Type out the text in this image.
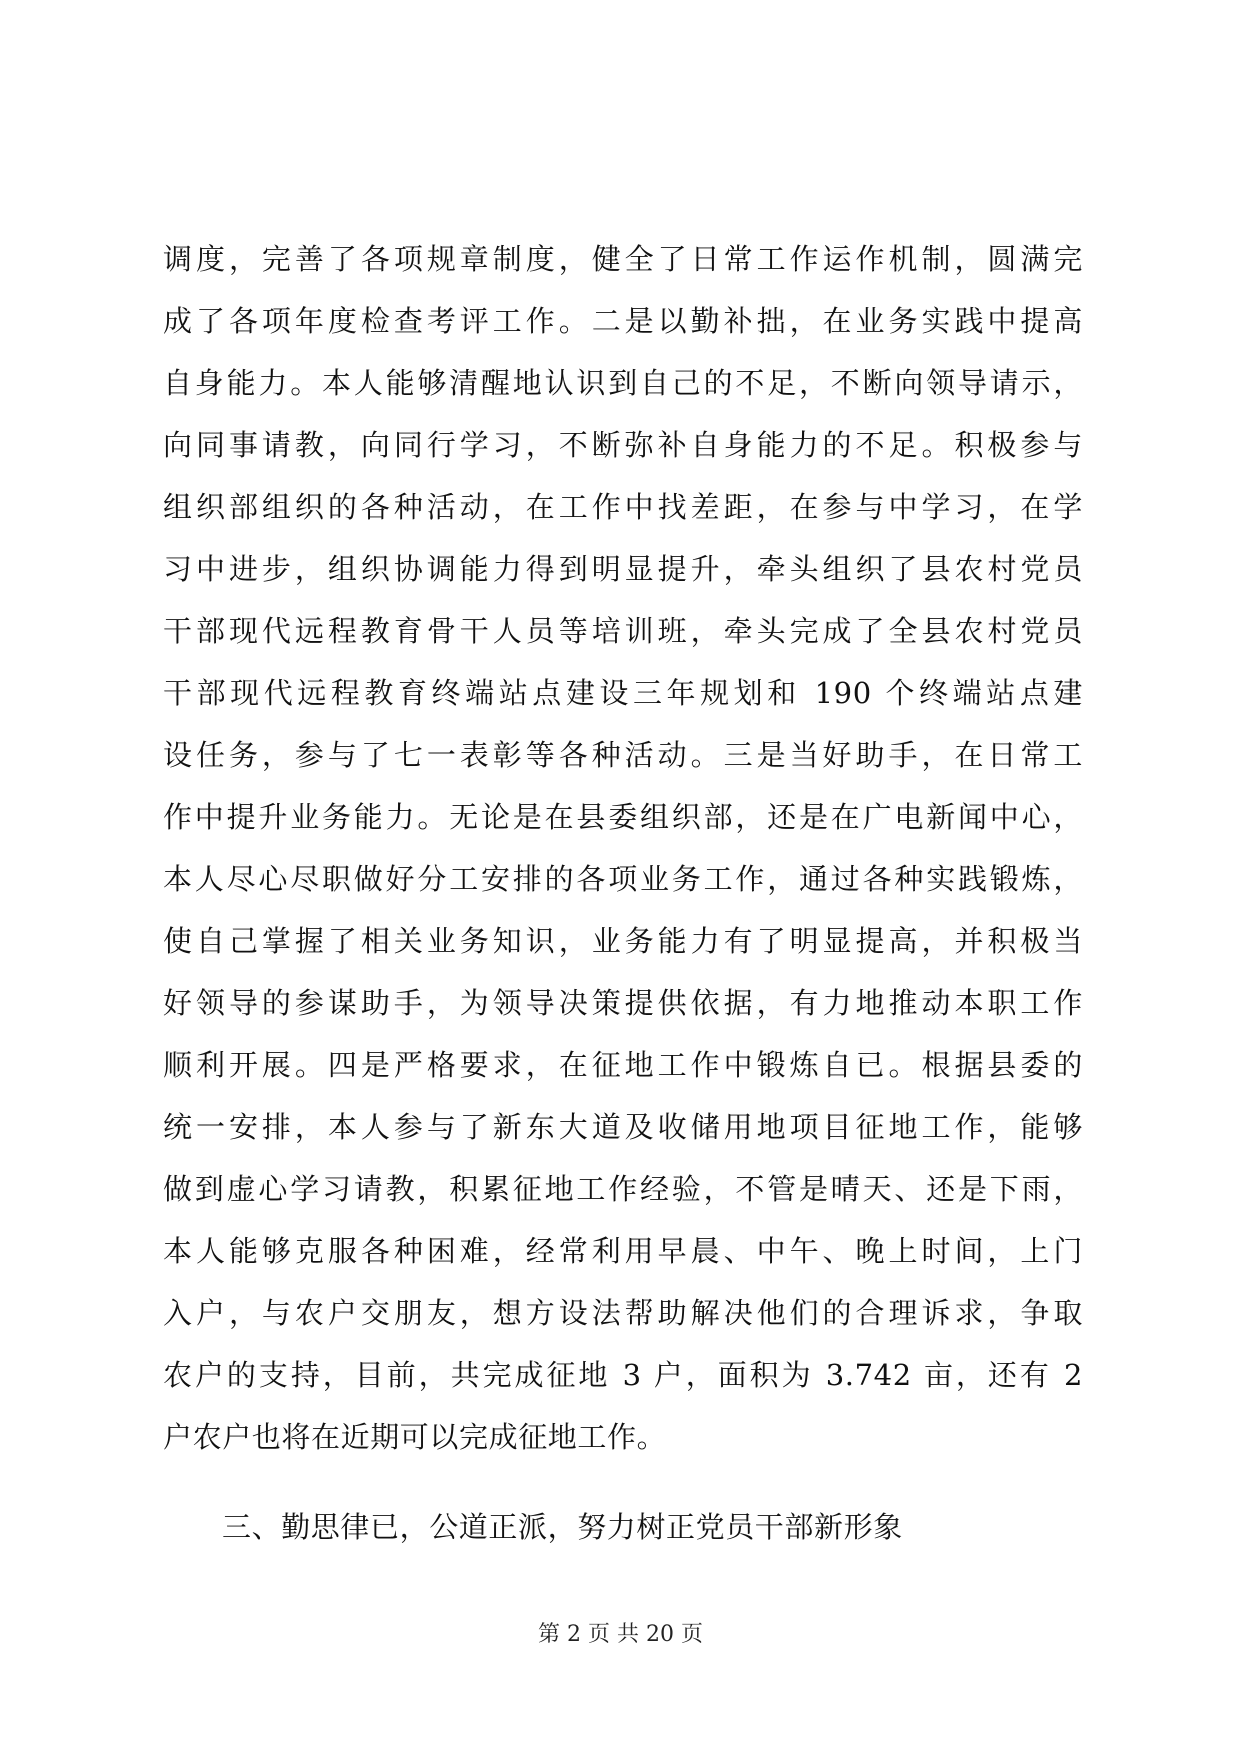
调度，完善了各项规章制度，健全了日常工作运作机制，圆满完
成了各项年度检查考评工作。二是以勤补拙，在业务实践中提高
自身能力。本人能够清醒地认识到自己的不足，不断向领导请示，
向同事请教，向同行学习，不断弥补自身能力的不足。积极参与
组织部组织的各种活动，在工作中找差距，在参与中学习，在学
习中进步，组织协调能力得到明显提升，牵头组织了县农村党员
干部现代远程教育骨干人员等培训班，牵头完成了全县农村党员
干部现代远程教育终端站点建设三年规划和 190 个终端站点建
设任务，参与了七一表彰等各种活动。三是当好助手，在日常工
作中提升业务能力。无论是在县委组织部，还是在广电新闻中心，
本人尽心尽职做好分工安排的各项业务工作，通过各种实践锻炼，
使自己掌握了相关业务知识，业务能力有了明显提高，并积极当
好领导的参谋助手，为领导决策提供依据，有力地推动本职工作
顺利开展。四是严格要求，在征地工作中锻炼自已。根据县委的
统一安排，本人参与了新东大道及收储用地项目征地工作，能够
做到虚心学习请教，积累征地工作经验，不管是晴天、还是下雨，
本人能够克服各种困难，经常利用早晨、中午、晚上时间，上门
入户，与农户交朋友，想方设法帮助解决他们的合理诉求，争取
农户的支持，目前，共完成征地 3 户，面积为 3.742 亩，还有 2
户农户也将在近期可以完成征地工作。
三、勤思律已，公道正派，努力树正党员干部新形象
第 2 页 共 20 页
